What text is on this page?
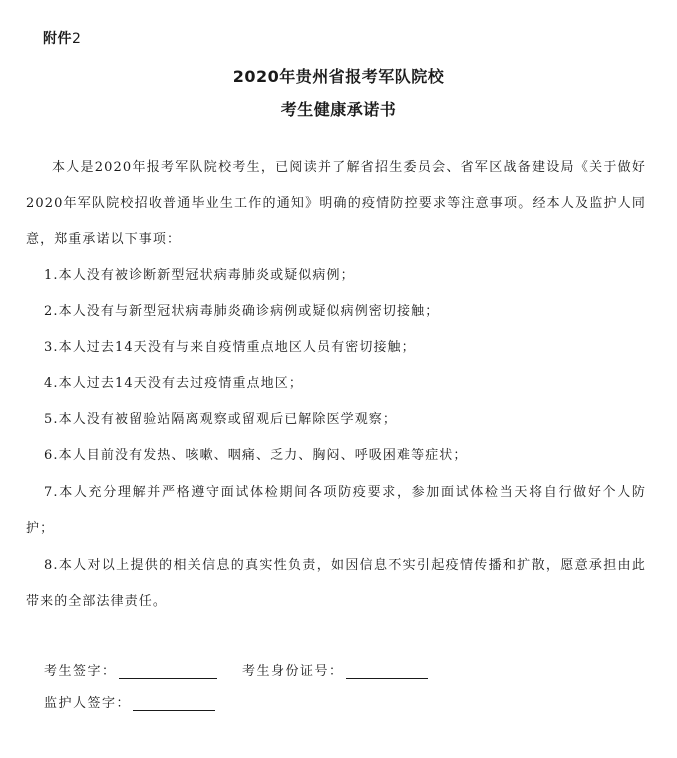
附件2
2020年贵州省报考军队院校
考生健康承诺书

本人是2020年报考军队院校考生，已阅读并了解省招生委员会、省军区战备建设局《关于做好2020年军队院校招收普通毕业生工作的通知》明确的疫情防控要求等注意事项。经本人及监护人同意，郑重承诺以下事项：

1.本人没有被诊断新型冠状病毒肺炎或疑似病例；
2.本人没有与新型冠状病毒肺炎确诊病例或疑似病例密切接触；
3.本人过去14天没有与来自疫情重点地区人员有密切接触；
4.本人过去14天没有去过疫情重点地区；
5.本人没有被留验站隔离观察或留观后已解除医学观察；
6.本人目前没有发热、咳嗽、咽痛、乏力、胸闷、呼吸困难等症状；
7.本人充分理解并严格遵守面试体检期间各项防疫要求，参加面试体检当天将自行做好个人防护；
8.本人对以上提供的相关信息的真实性负责，如因信息不实引起疫情传播和扩散，愿意承担由此带来的全部法律责任。
考生签字：	考生身份证号：
监护人签字：
